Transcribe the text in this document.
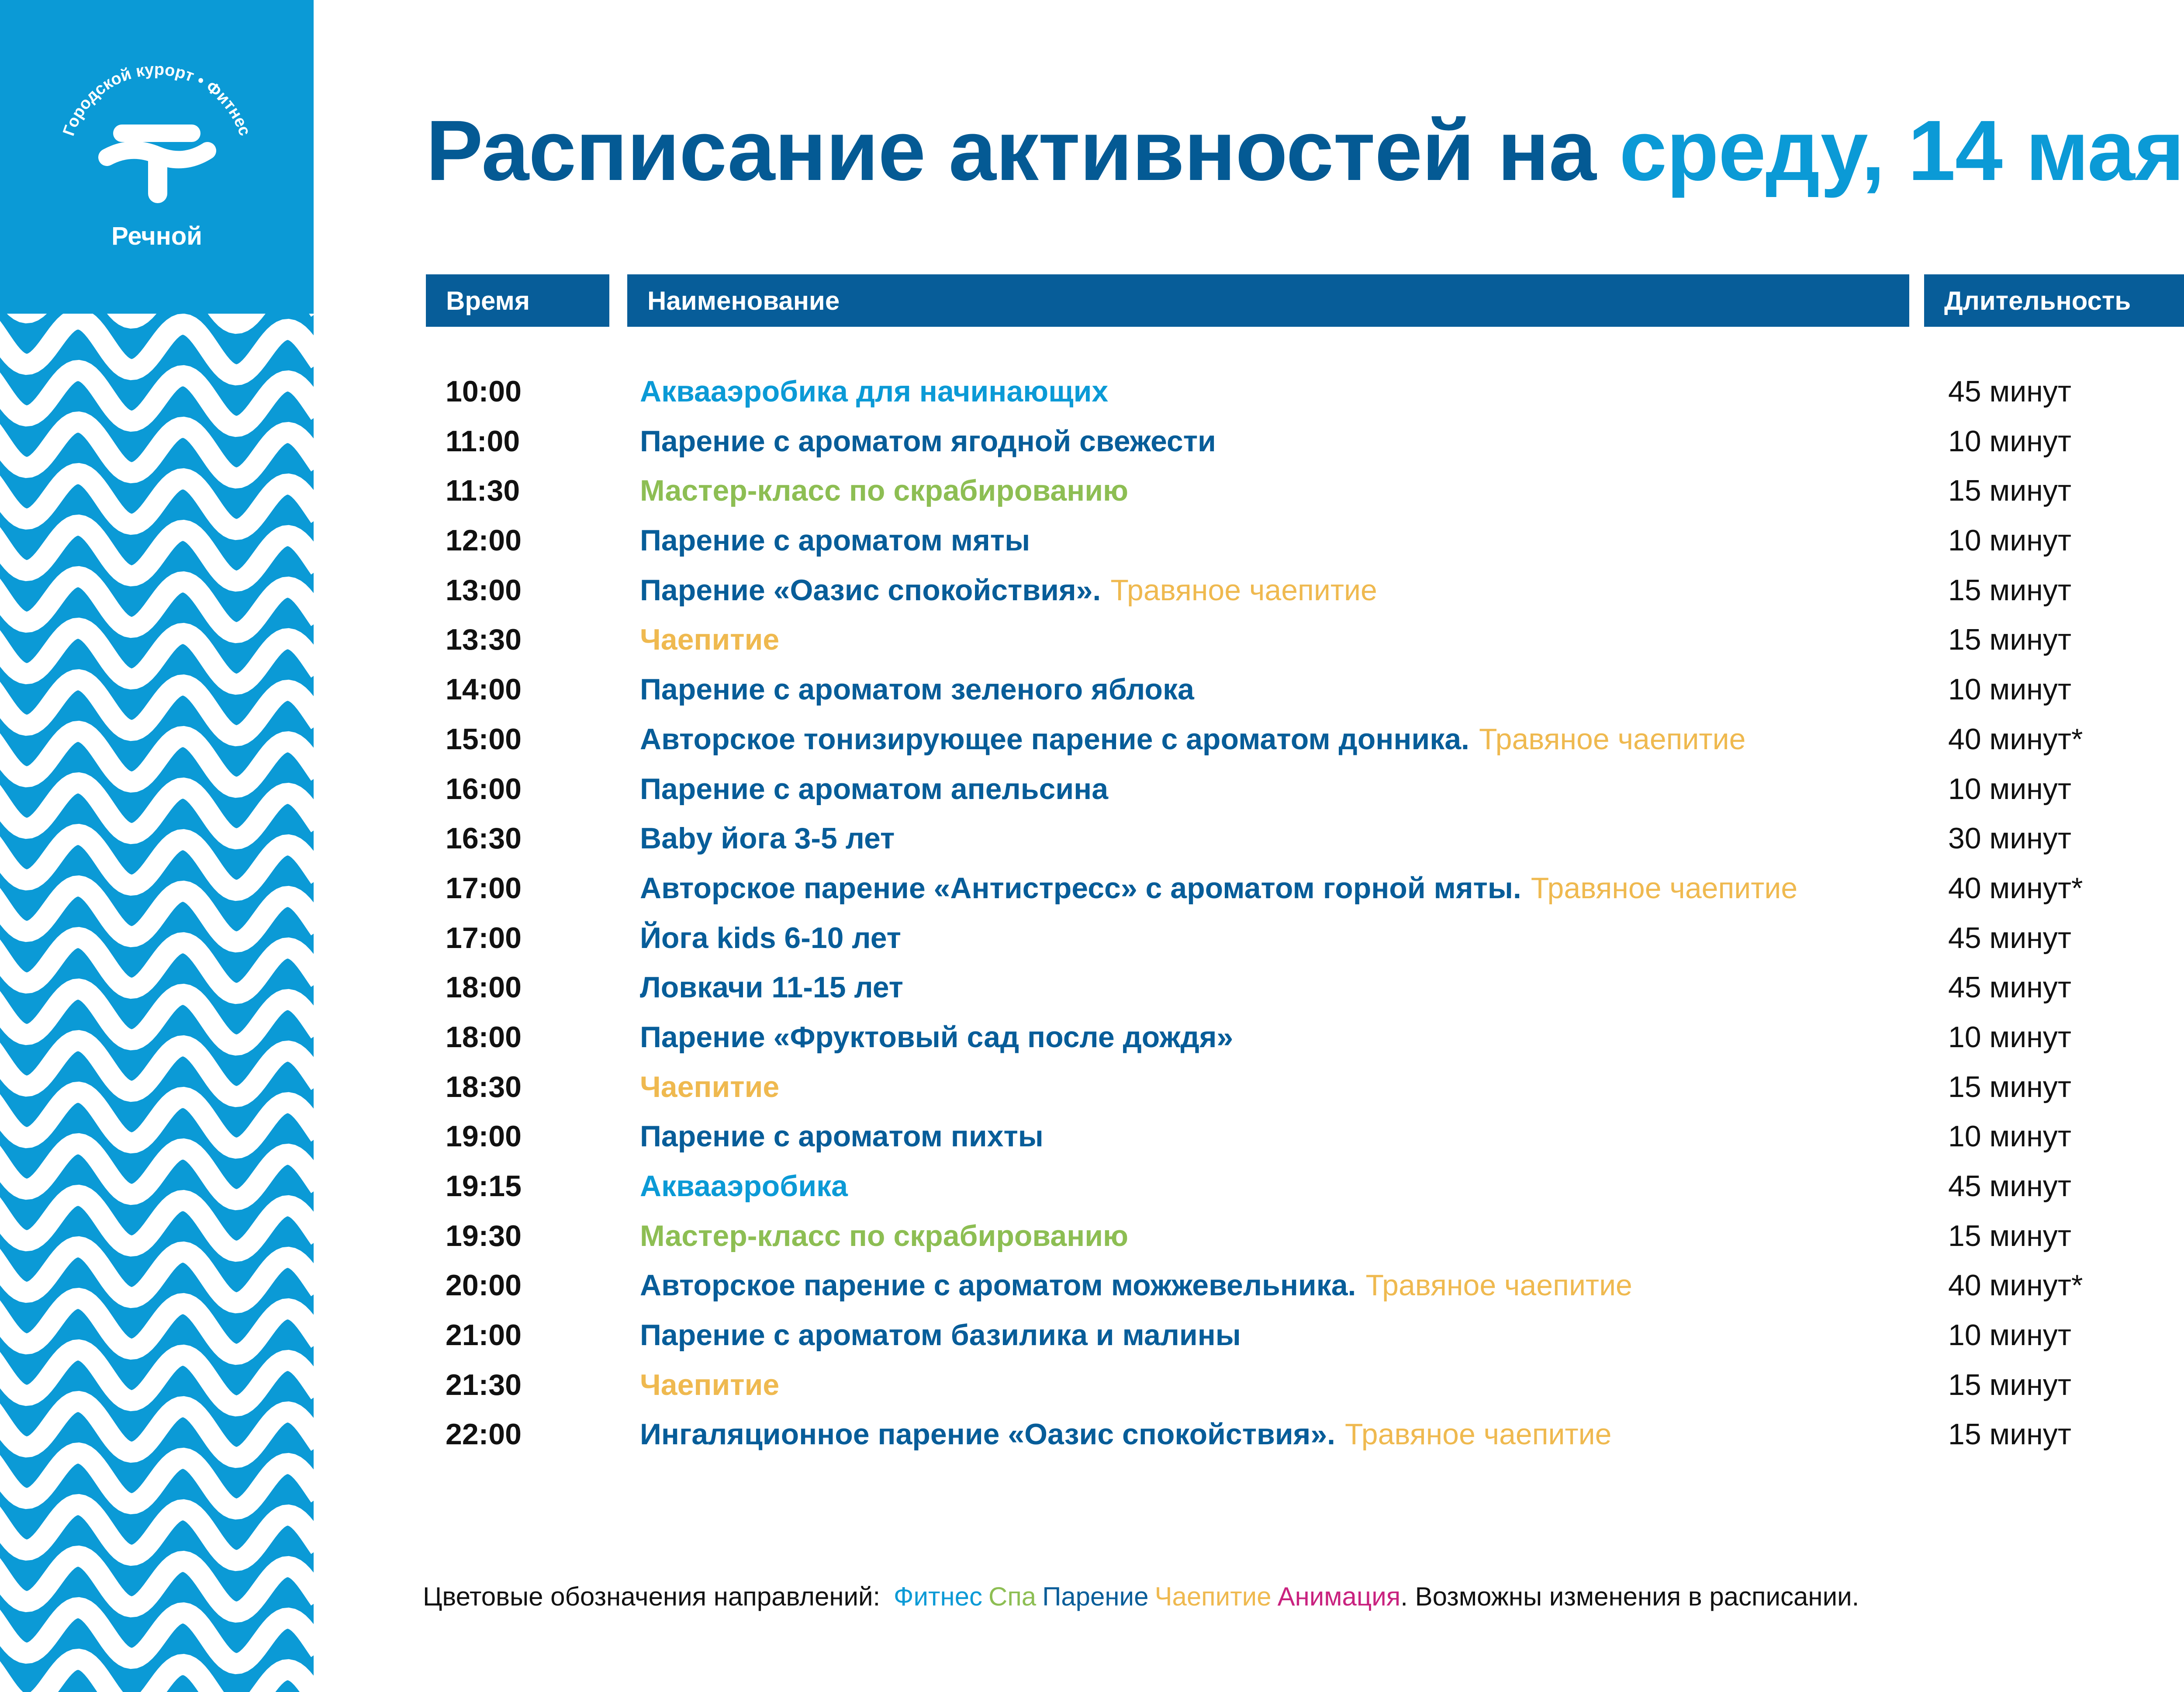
Городской курорт • Фитнес
Речной
Расписание активностей на среду, 14 мая
Время	Наименование	Длительность
10:00	Аквааэробика для начинающих	45 минут
11:00	Парение с ароматом ягодной свежести	10 минут
11:30	Мастер-класс по скрабированию	15 минут
12:00	Парение с ароматом мяты	10 минут
13:00	Парение «Оазис спокойствия». Травяное чаепитие	15 минут
13:30	Чаепитие	15 минут
14:00	Парение с ароматом зеленого яблока	10 минут
15:00	Авторское тонизирующее парение с ароматом донника. Травяное чаепитие	40 минут*
16:00	Парение с ароматом апельсина	10 минут
16:30	Baby йога 3-5 лет	30 минут
17:00	Авторское парение «Антистресс» с ароматом горной мяты. Травяное чаепитие	40 минут*
17:00	Йога kids 6-10 лет	45 минут
18:00	Ловкачи 11-15 лет	45 минут
18:00	Парение «Фруктовый сад после дождя»	10 минут
18:30	Чаепитие	15 минут
19:00	Парение с ароматом пихты	10 минут
19:15	Аквааэробика	45 минут
19:30	Мастер-класс по скрабированию	15 минут
20:00	Авторское парение с ароматом можжевельника. Травяное чаепитие	40 минут*
21:00	Парение с ароматом базилика и малины	10 минут
21:30	Чаепитие	15 минут
22:00	Ингаляционное парение «Оазис спокойствия». Травяное чаепитие	15 минут
Цветовые обозначения направлений: Фитнес Спа Парение Чаепитие Анимация. Возможны изменения в расписании.
